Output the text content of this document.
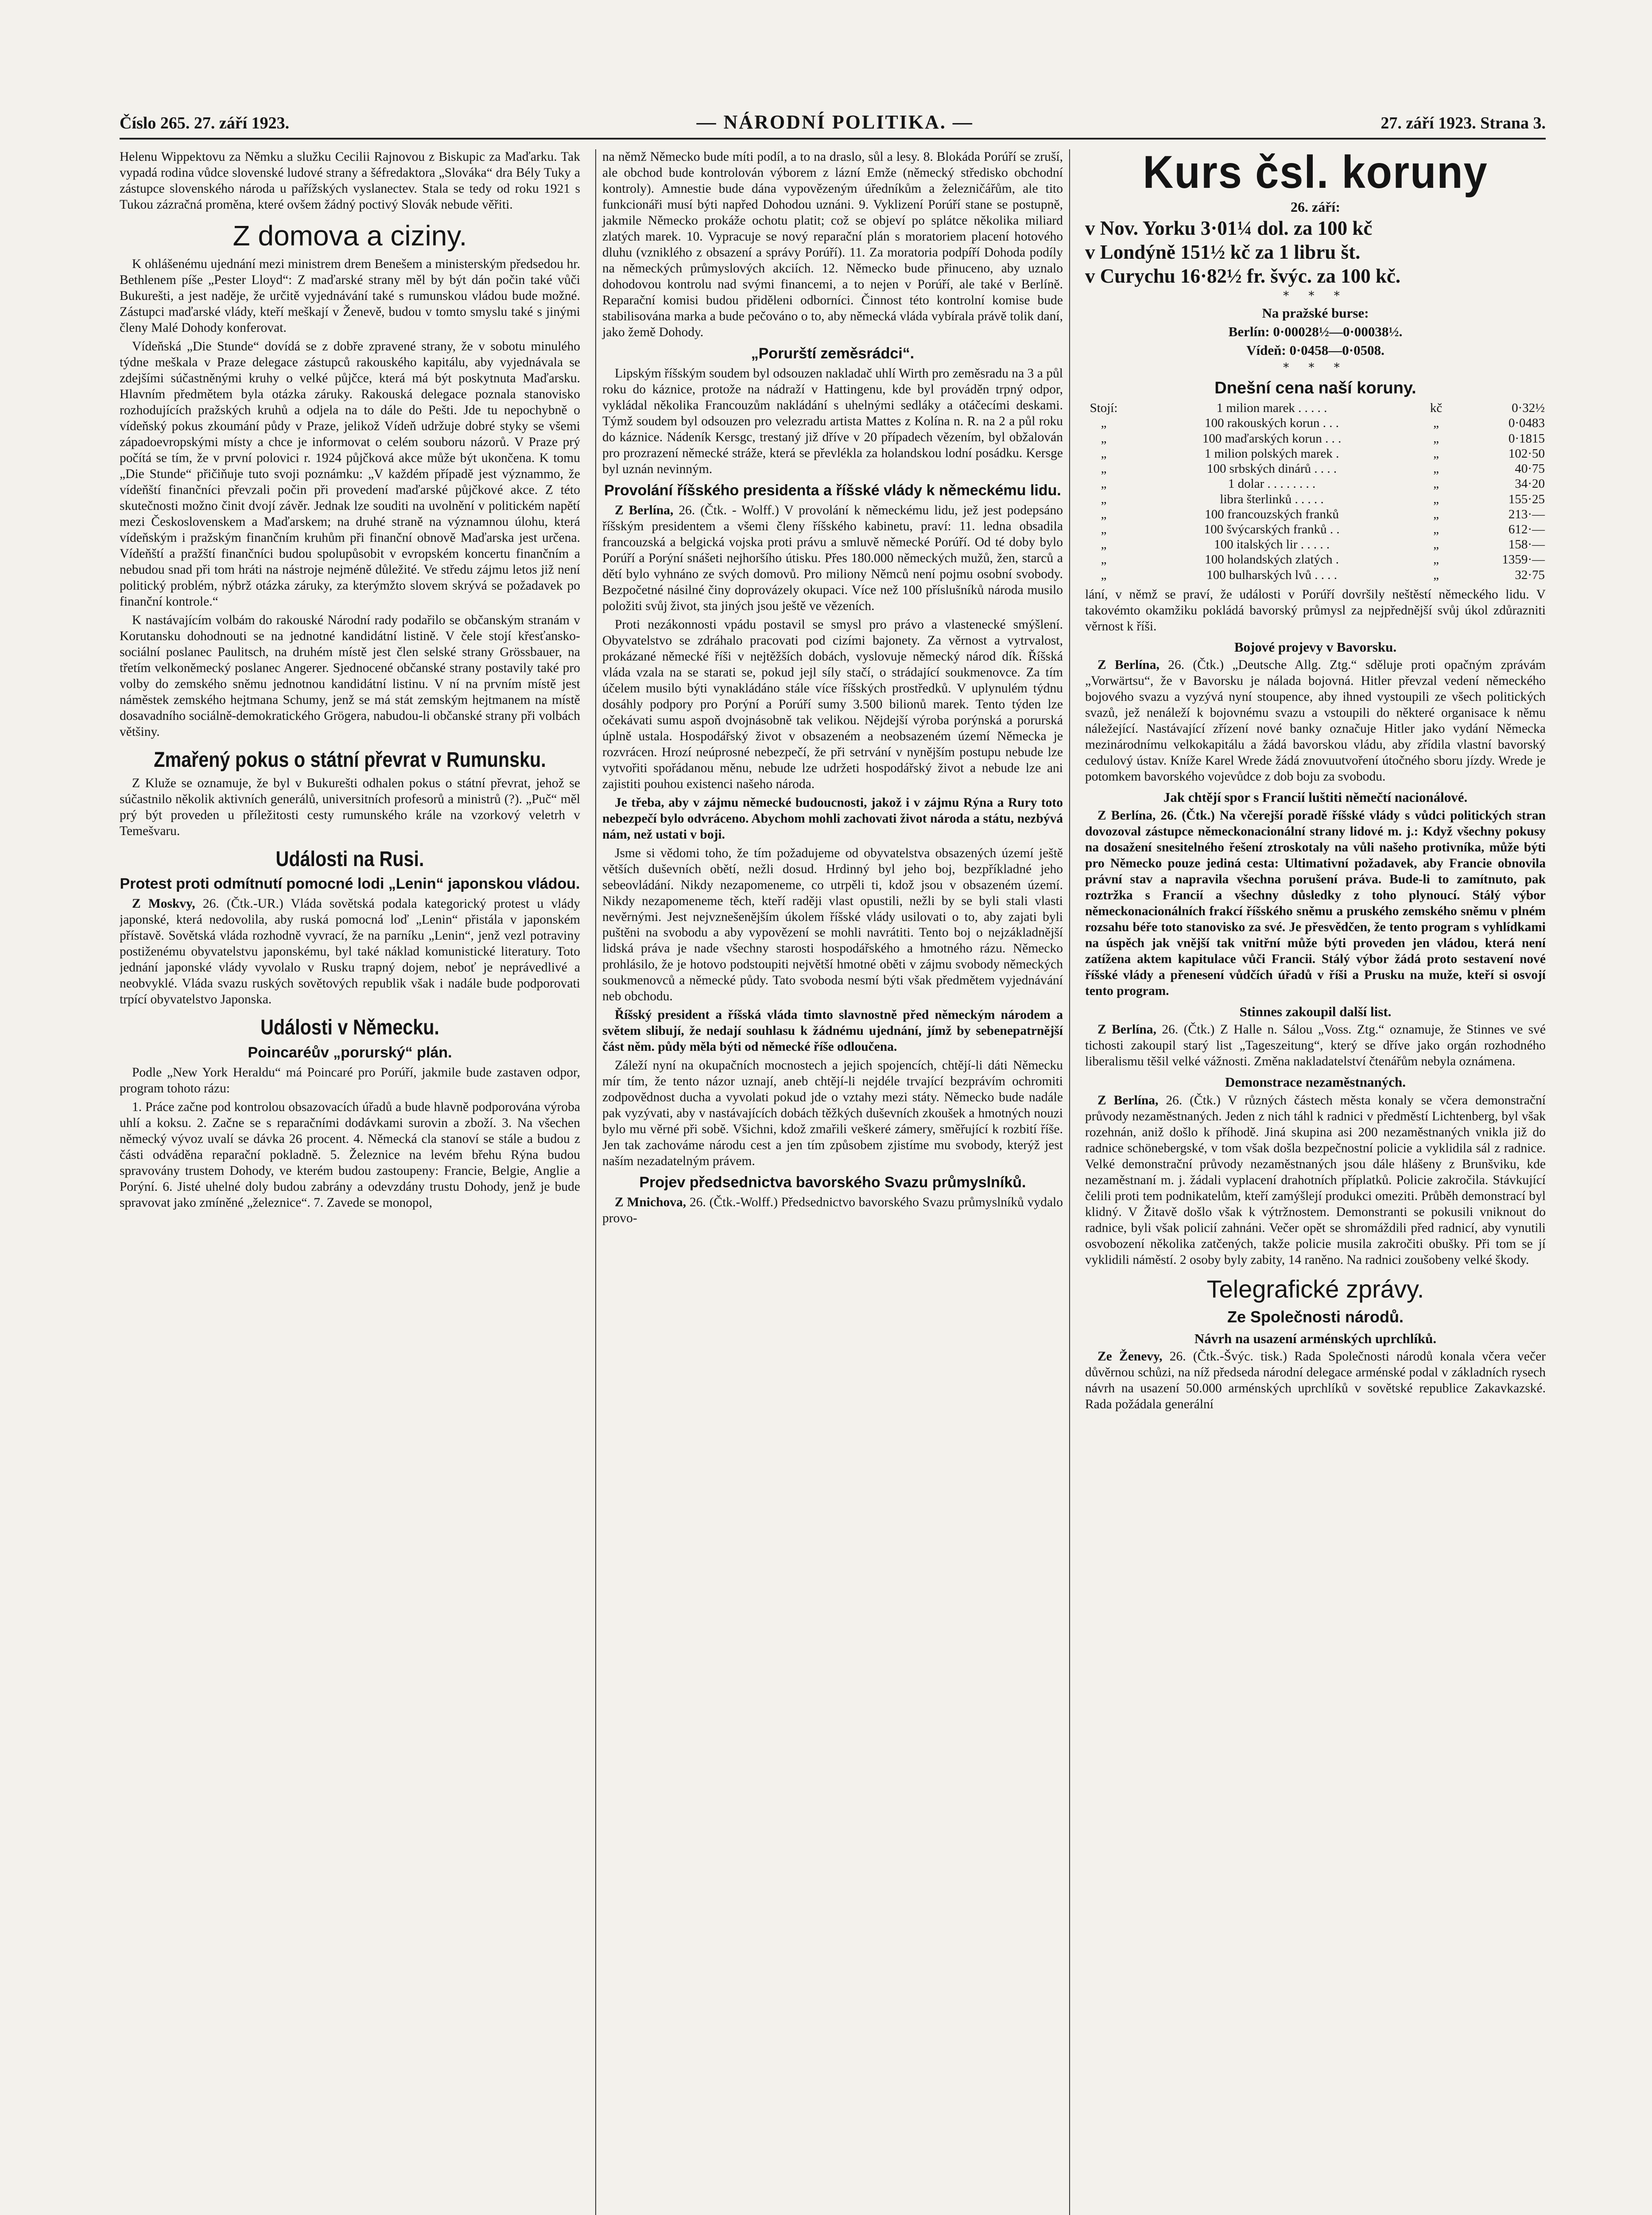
Číslo 265. 27. září 1923.	— NÁRODNÍ POLITIKA. —	27. září 1923. Strana 3.

Helenu Wippektovu za Němku a služku Cecilii Rajnovou z Biskupic za Maďarku. Tak vypadá rodina vůdce slovenské ludové strany a šéfredaktora „Slováka“ dra Bély Tuky a zástupce slovenského národa u pařížských vyslanectev. Stala se tedy od roku 1921 s Tukou zázračná proměna, které ovšem žádný poctivý Slovák nebude věřiti.

Z domova a ciziny.

K ohlášenému ujednání mezi ministrem drem Benešem a ministerským předsedou hr. Bethlenem píše „Pester Lloyd“: Z maďarské strany měl by být dán počin také vůči Bukurešti, a jest naděje, že určitě vyjednávání také s rumunskou vládou bude možné. Zástupci maďarské vlády, kteří meškají v Ženevě, budou v tomto smyslu také s jinými členy Malé Dohody konferovat.

Vídeňská „Die Stunde“ dovídá se z dobře zpravené strany, že v sobotu minulého týdne meškala v Praze delegace zástupců rakouského kapitálu, aby vyjednávala se zdejšími súčastněnými kruhy o velké půjčce, která má být poskytnuta Maďarsku. Hlavním předmětem byla otázka záruky. Rakouská delegace poznala stanovisko rozhodujících pražských kruhů a odjela na to dále do Pešti. Jde tu nepochybně o vídeňský pokus zkoumání půdy v Praze, jelikož Vídeň udržuje dobré styky se všemi západoevropskými místy a chce je informovat o celém souboru názorů. V Praze prý počítá se tím, že v první polovici r. 1924 půjčková akce může být ukončena. K tomu „Die Stunde“ přičiňuje tuto svoji poznámku: „V každém případě jest význammo, že vídeňští finančníci převzali počin při provedení maďarské půjčkové akce. Z této skutečnosti možno činit dvojí závěr. Jednak lze souditi na uvolnění v politickém napětí mezi Československem a Maďarskem; na druhé straně na významnou úlohu, která vídeňským i pražským finančním kruhům při finanční obnově Maďarska jest určena. Vídeňští a pražští finančníci budou spolupůsobit v evropském koncertu finančním a nebudou snad při tom hráti na nástroje nejméně důležité. Ve středu zájmu letos již není politický problém, nýbrž otázka záruky, za kterýmžto slovem skrývá se požadavek po finanční kontrole.“

K nastávajícím volbám do rakouské Národní rady podařilo se občanským stranám v Korutansku dohodnouti se na jednotné kandidátní listině. V čele stojí křesťansko-sociální poslanec Paulitsch, na druhém místě jest člen selské strany Grössbauer, na třetím velkoněmecký poslanec Angerer. Sjednocené občanské strany postavily také pro volby do zemského sněmu jednotnou kandidátní listinu. V ní na prvním místě jest náměstek zemského hejtmana Schumy, jenž se má stát zemským hejtmanem na místě dosavadního sociálně-demokratického Grögera, nabudou-li občanské strany při volbách většiny.

Zmařený pokus o státní převrat v Rumunsku.

Z Kluže se oznamuje, že byl v Bukurešti odhalen pokus o státní převrat, jehož se súčastnilo několik aktivních generálů, universitních profesorů a ministrů (?). „Puč“ měl prý být proveden u příležitosti cesty rumunského krále na vzorkový veletrh v Temešvaru.

Události na Rusi.
Protest proti odmítnutí pomocné lodi „Lenin“ japonskou vládou.

Z Moskvy, 26. (Čtk.-UR.) Vláda sovětská podala kategorický protest u vlády japonské, která nedovolila, aby ruská pomocná loď „Lenin“ přistála v japonském přístavě. Sovětská vláda rozhodně vyvrací, že na parníku „Lenin“, jenž vezl potraviny postiženému obyvatelstvu japonskému, byl také náklad komunistické literatury. Toto jednání japonské vlády vyvolalo v Rusku trapný dojem, neboť je neprávedlivé a neobvyklé. Vláda svazu ruských sovětových republik však i nadále bude podporovati trpící obyvatelstvo Japonska.

Události v Německu.
Poincaréův „porurský“ plán.

Podle „New York Heraldu“ má Poincaré pro Porúří, jakmile bude zastaven odpor, program tohoto rázu:

1. Práce začne pod kontrolou obsazovacích úřadů a bude hlavně podporována výroba uhlí a koksu. 2. Začne se s reparačními dodávkami surovin a zboží. 3. Na všechen německý vývoz uvalí se dávka 26 procent. 4. Německá cla stanoví se stále a budou z části odváděna reparační pokladně. 5. Železnice na levém břehu Rýna budou spravovány trustem Dohody, ve kterém budou zastoupeny: Francie, Belgie, Anglie a Porýní. 6. Jisté uhelné doly budou zabrány a odevzdány trustu Dohody, jenž je bude spravovat jako zmíněné „železnice“. 7. Zavede se monopol,

na němž Německo bude míti podíl, a to na draslo, sůl a lesy. 8. Blokáda Porúří se zruší, ale obchod bude kontrolován výborem z lázní Emže (německý středisko obchodní kontroly). Amnestie bude dána vypovězeným úředníkům a železničářům, ale tito funkcionáři musí býti napřed Dohodou uznáni. 9. Vyklizení Porúří stane se postupně, jakmile Německo prokáže ochotu platit; což se objeví po splátce několika miliard zlatých marek. 10. Vypracuje se nový reparační plán s moratoriem placení hotového dluhu (vzniklého z obsazení a správy Porúří). 11. Za moratoria podpíří Dohoda podíly na německých průmyslových akciích. 12. Německo bude přinuceno, aby uznalo dohodovou kontrolu nad svými financemi, a to nejen v Porúří, ale také v Berlíně. Reparační komisi budou přiděleni odborníci. Činnost této kontrolní komise bude stabilisována marka a bude pečováno o to, aby německá vláda vybírala právě tolik daní, jako žemě Dohody.

„Porurští zeměsrádci“.

Lipským říšským soudem byl odsouzen nakladač uhlí Wirth pro zeměsradu na 3 a půl roku do káznice, protože na nádraží v Hattingenu, kde byl prováděn trpný odpor, vykládal několika Francouzům nakládání s uhelnými sedláky a otáčecími deskami. Týmž soudem byl odsouzen pro velezradu artista Mattes z Kolína n. R. na 2 a půl roku do káznice. Nádeník Kersgc, trestaný již dříve v 20 případech vězením, byl obžalován pro prozrazení německé stráže, která se převlékla za holandskou lodní posádku. Kersge byl uznán nevinným.

Provolání říšského presidenta a říšské vlády k německému lidu.

Z Berlína, 26. (Čtk. - Wolff.) V provolání k německému lidu, jež jest podepsáno říšským presidentem a všemi členy říšského kabinetu, praví: 11. ledna obsadila francouzská a belgická vojska proti právu a smluvě německé Porúří. Od té doby bylo Porúří a Porýní snášeti nejhoršího útisku. Přes 180.000 německých mužů, žen, starců a dětí bylo vyhnáno ze svých domovů. Pro miliony Němců není pojmu osobní svobody. Bezpočetné násilné činy doprovázely okupaci. Více než 100 příslušníků národa musilo položiti svůj život, sta jiných jsou ještě ve vězeních.

Proti nezákonnosti vpádu postavil se smysl pro právo a vlastenecké smýšlení. Obyvatelstvo se zdráhalo pracovati pod cizími bajonety. Za věrnost a vytrvalost, prokázané německé říši v nejtěžších dobách, vyslovuje německý národ dík. Říšská vláda vzala na se starati se, pokud jejl síly stačí, o strádající soukmenovce. Za tím účelem musilo býti vynakládáno stále více říšských prostředků. V uplynulém týdnu dosáhly podpory pro Porýní a Porúří sumy 3.500 bilionů marek. Tento týden lze očekávati sumu aspoň dvojnásobně tak velikou. Nějdejší výroba porýnská a porurská úplně ustala. Hospodářský život v obsazeném a neobsazeném území Německa je rozvrácen. Hrozí neúprosné nebezpečí, že při setrvání v nynějším postupu nebude lze vytvořiti spořádanou měnu, nebude lze udržeti hospodářský život a nebude lze ani zajistiti pouhou existenci našeho národa.

Je třeba, aby v zájmu německé budoucnosti, jakož i v zájmu Rýna a Rury toto nebezpečí bylo odvráceno. Abychom mohli zachovati život národa a státu, nezbývá nám, než ustati v boji.

Jsme si vědomi toho, že tím požadujeme od obyvatelstva obsazených území ještě větších duševních obětí, nežli dosud. Hrdinný byl jeho boj, bezpříkladné jeho sebeovládání. Nikdy nezapomeneme, co utrpěli ti, kdož jsou v obsazeném území. Nikdy nezapomeneme těch, kteří raději vlast opustili, nežli by se byli stali vlasti nevěrnými. Jest nejvznešenějším úkolem říšské vlády usilovati o to, aby zajati byli puštěni na svobodu a aby vypovězení se mohli navrátiti. Tento boj o nejzákladnější lidská práva je nade všechny starosti hospodářského a hmotného rázu. Německo prohlásilo, že je hotovo podstoupiti největší hmotné oběti v zájmu svobody německých soukmenovců a německé půdy. Tato svoboda nesmí býti však předmětem vyjednávání neb obchodu.

Říšský president a říšská vláda timto slavnostně před německým národem a světem slibují, že nedají souhlasu k žádnému ujednání, jímž by sebenepatrnější část něm. půdy měla býti od německé říše odloučena.

Záleží nyní na okupačních mocnostech a jejich spojencích, chtějí-li dáti Německu mír tím, že tento názor uznají, aneb chtějí-li nejdéle trvající bezprávím ochromiti zodpovědnost ducha a vyvolati pokud jde o vztahy mezi státy. Německo bude nadále pak vyzývati, aby v nastávajících dobách těžkých duševních zkoušek a hmotných nouzi bylo mu věrné při sobě. Všichni, kdož zmařili veškeré zámery, směřující k rozbití říše. Jen tak zachováme národu cest a jen tím způsobem zjistíme mu svobody, kterýž jest naším nezadatelným právem.

Projev předsednictva bavorského Svazu průmyslníků.

Z Mnichova, 26. (Čtk.-Wolff.) Předsednictvo bavorského Svazu průmyslníků vydalo provo-

Kurs čsl. koruny
26. září:
v Nov. Yorku 3·01¼ dol. za 100 kč
v Londýně 151½ kč za 1 libru št.
v Curychu 16·82½ fr. švýc. za 100 kč.
* * *
Na pražské burse:
Berlín: 0·00028½—0·00038½.
Vídeň: 0·0458—0·0508.
* * *
Dnešní cena naší koruny.
Stojí:	1 milion marek . . . . .	kč	0·32½
„	100 rakouských korun . . .	„	0·0483
„	100 maďarských korun . . .	„	0·1815
„	1 milion polských marek .	„	102·50
„	100 srbských dinárů . . . .	„	40·75
„	1 dolar . . . . . . . .	„	34·20
„	libra šterlinků . . . . .	„	155·25
„	100 francouzských franků	„	213·—
„	100 švýcarských franků . .	„	612·—
„	100 italských lir . . . . .	„	158·—
„	100 holandských zlatých .	„	1359·—
„	100 bulharských lvů . . . .	„	32·75

lání, v němž se praví, že události v Porúří dovršily neštěstí německého lidu. V takovémto okamžiku pokládá bavorský průmysl za nejpřednější svůj úkol zdůrazniti věrnost k říši.

Bojové projevy v Bavorsku.

Z Berlína, 26. (Čtk.) „Deutsche Allg. Ztg.“ sděluje proti opačným zprávám „Vorwärtsu“, že v Bavorsku je nálada bojovná. Hitler převzal vedení německého bojového svazu a vyzývá nyní stoupence, aby ihned vystoupili ze všech politických svazů, jež nenáleží k bojovnému svazu a vstoupili do některé organisace k němu náležející. Nastávající zřízení nové banky označuje Hitler jako vydání Německa mezinárodnímu velkokapitálu a žádá bavorskou vládu, aby zřídila vlastní bavorský cedulový ústav. Kníže Karel Wrede žádá znovuutvoření útočného sboru jízdy. Wrede je potomkem bavorského vojevůdce z dob boju za svobodu.

Jak chtějí spor s Francií luštiti němečtí nacionálové.

Z Berlína, 26. (Čtk.) Na včerejší poradě říšské vlády s vůdci politických stran dovozoval zástupce německonacionální strany lidové m. j.: Když všechny pokusy na dosažení snesitelného řešení ztroskotaly na vůli našeho protivníka, může býti pro Německo pouze jediná cesta: Ultimativní požadavek, aby Francie obnovila právní stav a napravila všechna porušení práva. Bude-li to zamítnuto, pak roztržka s Francií a všechny důsledky z toho plynoucí. Stálý výbor německonacionálních frakcí říšského sněmu a pruského zemského sněmu v plném rozsahu béře toto stanovisko za své. Je přesvědčen, že tento program s vyhlídkami na úspěch jak vnější tak vnitřní může býti proveden jen vládou, která není zatížena aktem kapitulace vůči Francii. Stálý výbor žádá proto sestavení nové říšské vlády a přenesení vůdčích úřadů v říši a Prusku na muže, kteří si osvojí tento program.

Stinnes zakoupil další list.

Z Berlína, 26. (Čtk.) Z Halle n. Sálou „Voss. Ztg.“ oznamuje, že Stinnes ve své tichosti zakoupil starý list „Tageszeitung“, který se dříve jako orgán rozhodného liberalismu těšil velké vážnosti. Změna nakladatelství čtenářům nebyla oznámena.

Demonstrace nezaměstnaných.

Z Berlína, 26. (Čtk.) V různých částech města konaly se včera demonstrační průvody nezaměstnaných. Jeden z nich táhl k radnici v předměstí Lichtenberg, byl však rozehnán, aniž došlo k příhodě. Jiná skupina asi 200 nezaměstnaných vnikla již do radnice schönebergské, v tom však došla bezpečnostní policie a vyklidila sál z radnice. Velké demonstrační průvody nezaměstnaných jsou dále hlášeny z Brunšviku, kde nezaměstnaní m. j. žádali vyplacení drahotních příplatků. Policie zakročila. Stávkující čelili proti tem podnikatelům, kteří zamýšlejí produkci omeziti. Průběh demonstrací byl klidný. V Žitavě došlo však k výtržnostem. Demonstranti se pokusili vniknout do radnice, byli však policií zahnáni. Večer opět se shromáždili před radnicí, aby vynutili osvobození několika zatčených, takže policie musila zakročiti obušky. Při tom se jí vyklidili náměstí. 2 osoby byly zabity, 14 raněno. Na radnici zoušobeny velké škody.

Telegrafické zprávy.
Ze Společnosti národů.
Návrh na usazení arménských uprchlíků.

Ze Ženevy, 26. (Čtk.-Švýc. tisk.) Rada Společnosti národů konala včera večer důvěrnou schůzi, na níž předseda národní delegace arménské podal v základních rysech návrh na usazení 50.000 arménských uprchlíků v sovětské republice Zakavkazské. Rada požádala generální
